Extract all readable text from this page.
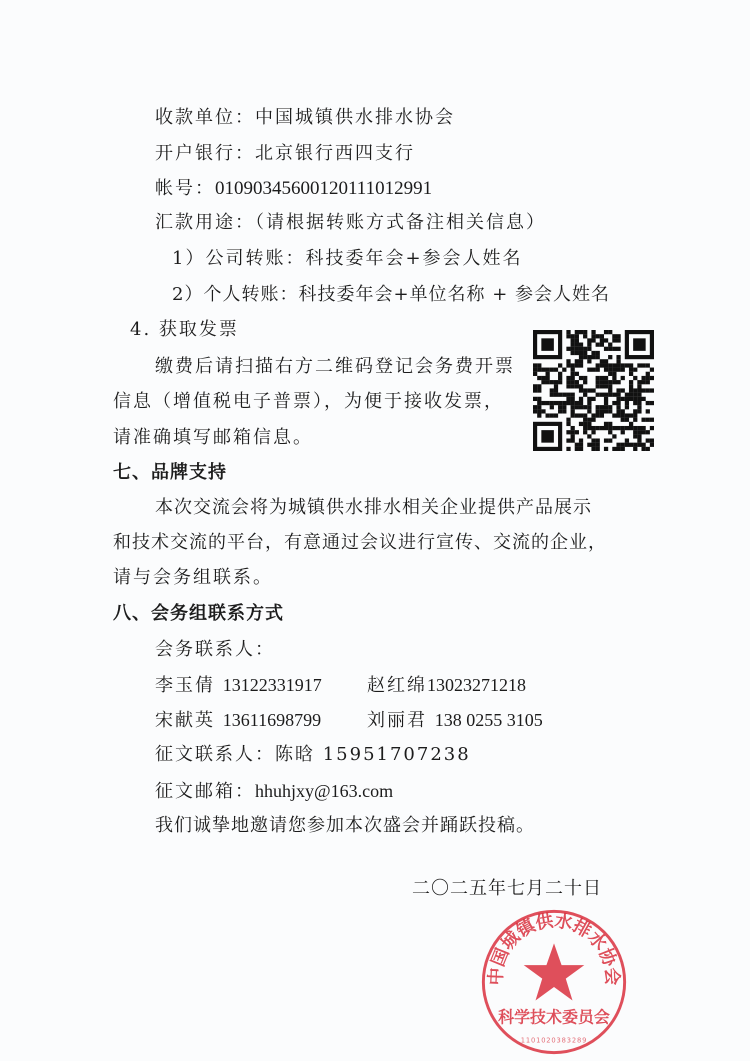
收款单位：中国城镇供水排水协会
开户银行：北京银行西四支行
帐号：01090345600120111012991
汇款用途：（请根据转账方式备注相关信息）
1）公司转账：科技委年会+参会人姓名
2）个人转账：科技委年会+单位名称 + 参会人姓名
4. 获取发票
缴费后请扫描右方二维码登记会务费开票
信息（增值税电子普票），为便于接收发票，
请准确填写邮箱信息。
七、品牌支持
本次交流会将为城镇供水排水相关企业提供产品展示
和技术交流的平台，有意通过会议进行宣传、交流的企业，
请与会务组联系。
八、会务组联系方式
会务联系人：
李玉倩 13122331917	赵红绵13023271218
宋献英 13611698799	刘丽君 138 0255 3105
征文联系人：陈晗 15951707238
征文邮箱：hhuhjxy@163.com
我们诚挚地邀请您参加本次盛会并踊跃投稿。
二〇二五年七月二十日
中国城镇供水排水协会
科学技术委员会
1101020383289
